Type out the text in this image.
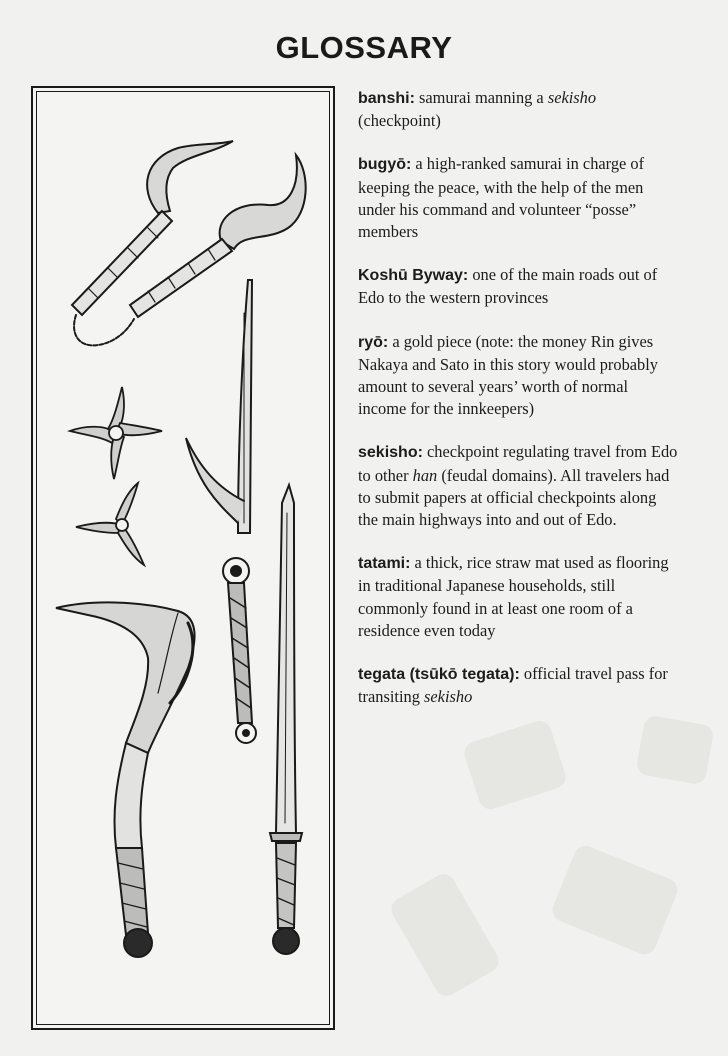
GLOSSARY

banshi: samurai manning a sekisho (checkpoint)

bugyō: a high-ranked samurai in charge of keeping the peace, with the help of the men under his command and volunteer “posse” members

Koshū Byway: one of the main roads out of Edo to the western provinces

ryō: a gold piece (note: the money Rin gives Nakaya and Sato in this story would probably amount to several years’ worth of normal income for the innkeepers)

sekisho: checkpoint regulating travel from Edo to other han (feudal domains). All travelers had to submit papers at official checkpoints along the main highways into and out of Edo.

tatami: a thick, rice straw mat used as flooring in traditional Japanese households, still commonly found in at least one room of a residence even today

tegata (tsūkō tegata): official travel pass for transiting sekisho
